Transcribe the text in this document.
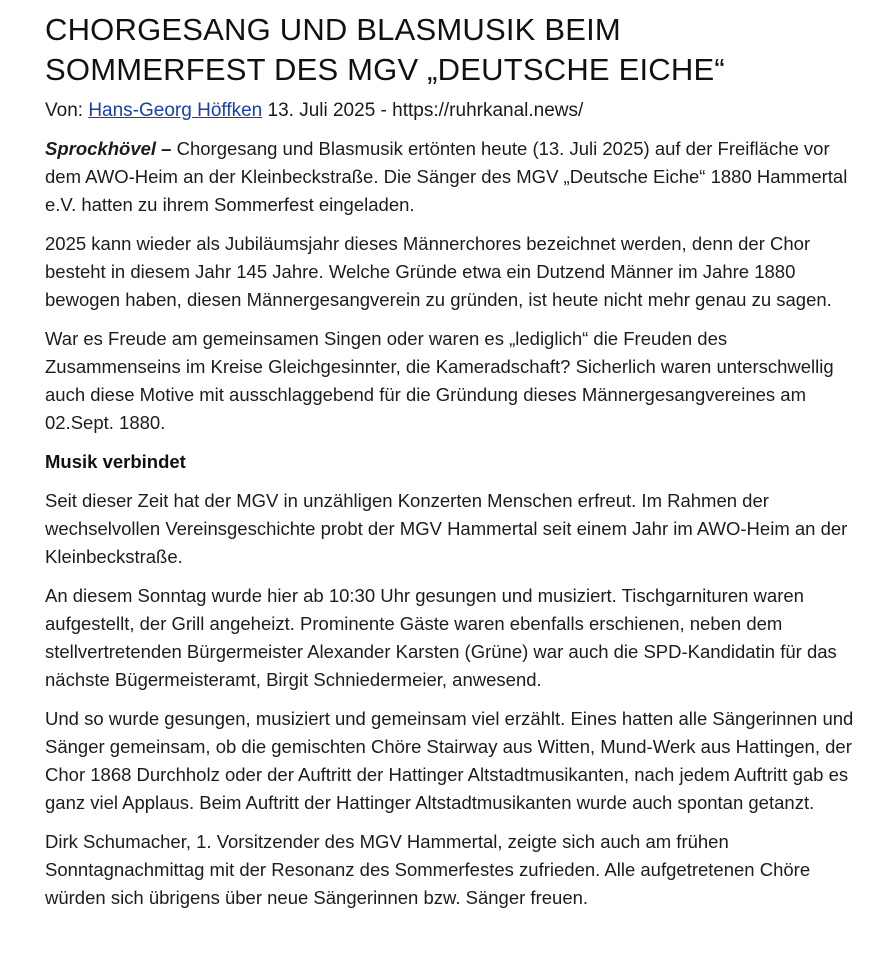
CHORGESANG UND BLASMUSIK BEIM
SOMMERFEST DES MGV „DEUTSCHE EICHE“
Von: Hans-Georg Höffken 13. Juli 2025 - https://ruhrkanal.news/

Sprockhövel – Chorgesang und Blasmusik ertönten heute (13. Juli 2025) auf der Freifläche vor dem AWO-Heim an der Kleinbeckstraße. Die Sänger des MGV „Deutsche Eiche“ 1880 Hammertal e.V. hatten zu ihrem Sommerfest eingeladen.

2025 kann wieder als Jubiläumsjahr dieses Männerchores bezeichnet werden, denn der Chor besteht in diesem Jahr 145 Jahre. Welche Gründe etwa ein Dutzend Männer im Jahre 1880 bewogen haben, diesen Männergesangverein zu gründen, ist heute nicht mehr genau zu sagen.

War es Freude am gemeinsamen Singen oder waren es „lediglich“ die Freuden des Zusammenseins im Kreise Gleichgesinnter, die Kameradschaft? Sicherlich waren unterschwellig auch diese Motive mit ausschlaggebend für die Gründung dieses Männergesangvereines am 02.Sept. 1880.

Musik verbindet

Seit dieser Zeit hat der MGV in unzähligen Konzerten Menschen erfreut. Im Rahmen der wechselvollen Vereinsgeschichte probt der MGV Hammertal seit einem Jahr im AWO-Heim an der Kleinbeckstraße.

An diesem Sonntag wurde hier ab 10:30 Uhr gesungen und musiziert. Tischgarnituren waren aufgestellt, der Grill angeheizt. Prominente Gäste waren ebenfalls erschienen, neben dem stellvertretenden Bürgermeister Alexander Karsten (Grüne) war auch die SPD-Kandidatin für das nächste Bügermeisteramt, Birgit Schniedermeier, anwesend.

Und so wurde gesungen, musiziert und gemeinsam viel erzählt. Eines hatten alle Sängerinnen und Sänger gemeinsam, ob die gemischten Chöre Stairway aus Witten, Mund-Werk aus Hattingen, der Chor 1868 Durchholz oder der Auftritt der Hattinger Altstadtmusikanten, nach jedem Auftritt gab es ganz viel Applaus. Beim Auftritt der Hattinger Altstadtmusikanten wurde auch spontan getanzt.

Dirk Schumacher, 1. Vorsitzender des MGV Hammertal, zeigte sich auch am frühen Sonntagnachmittag mit der Resonanz des Sommerfestes zufrieden. Alle aufgetretenen Chöre würden sich übrigens über neue Sängerinnen bzw. Sänger freuen.
